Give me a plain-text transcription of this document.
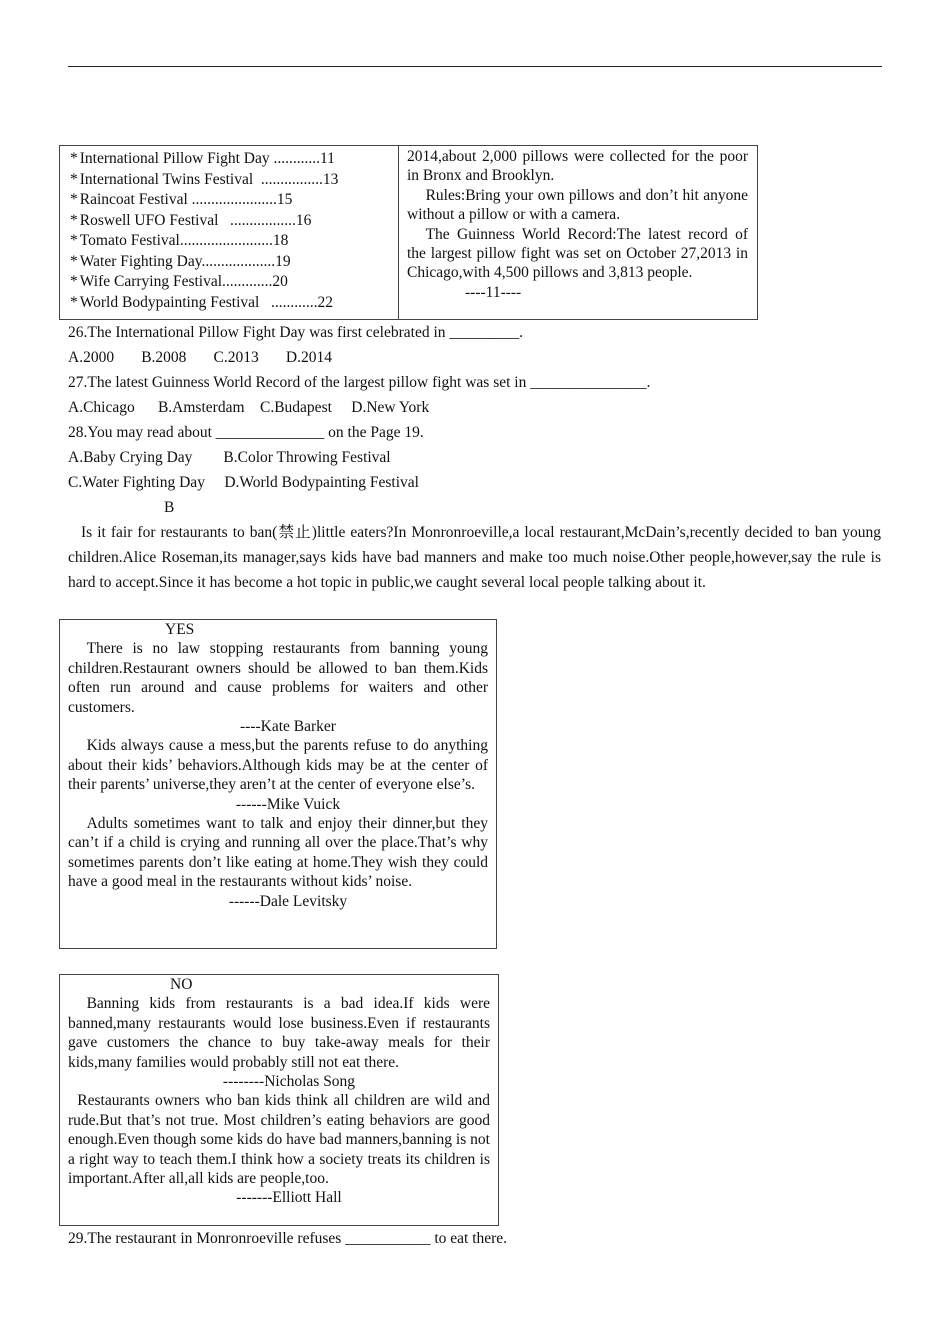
* International Pillow Fight Day ............11
* International Twins Festival  ................13
* Raincoat Festival ......................15
* Roswell UFO Festival   .................16
* Tomato Festival........................18
* Water Fighting Day...................19
* Wife Carrying Festival.............20
* World Bodypainting Festival   ............22

2014,about 2,000 pillows were collected for the poor in Bronx and Brooklyn.

Rules:Bring your own pillows and don’t hit anyone without a pillow or with a camera.

The Guinness World Record:The latest record of the largest pillow fight was set on October 27,2013 in Chicago,with 4,500 pillows and 3,813 people.

----11----

26.The International Pillow Fight Day was first celebrated in _________.
A.2000       B.2008       C.2013       D.2014
27.The latest Guinness World Record of the largest pillow fight was set in _______________.
A.Chicago      B.Amsterdam    C.Budapest     D.New York
28.You may read about ______________ on the Page 19.
A.Baby Crying Day        B.Color Throwing Festival
C.Water Fighting Day     D.World Bodypainting Festival
B
Is it fair for restaurants to ban(禁止)little eaters?In Monronroeville,a local restaurant,McDain’s,recently decided to ban young children.Alice Roseman,its manager,says kids have bad manners and make too much noise.Other people,however,say the rule is hard to accept.Since it has become a hot topic in public,we caught several local people talking about it.

YES

There is no law stopping restaurants from banning young children.Restaurant owners should be allowed to ban them.Kids often run around and cause problems for waiters and other customers.

----Kate Barker

Kids always cause a mess,but the parents refuse to do anything about their kids’ behaviors.Although kids may be at the center of their parents’ universe,they aren’t at the center of everyone else’s.

------Mike Vuick

Adults sometimes want to talk and enjoy their dinner,but they can’t if a child is crying and running all over the place.That’s why sometimes parents don’t like eating at home.They wish they could have a good meal in the restaurants without kids’ noise.

------Dale Levitsky

NO

Banning kids from restaurants is a bad idea.If kids were banned,many restaurants would lose business.Even if restaurants gave customers the chance to buy take-away meals for their kids,many families would probably still not eat there.

--------Nicholas Song

Restaurants owners who ban kids think all children are wild and rude.But that’s not true. Most children’s eating behaviors are good enough.Even though some kids do have bad manners,banning is not a right way to teach them.I think how a society treats its children is important.After all,all kids are people,too.

-------Elliott Hall

29.The restaurant in Monronroeville refuses ___________ to eat there.
